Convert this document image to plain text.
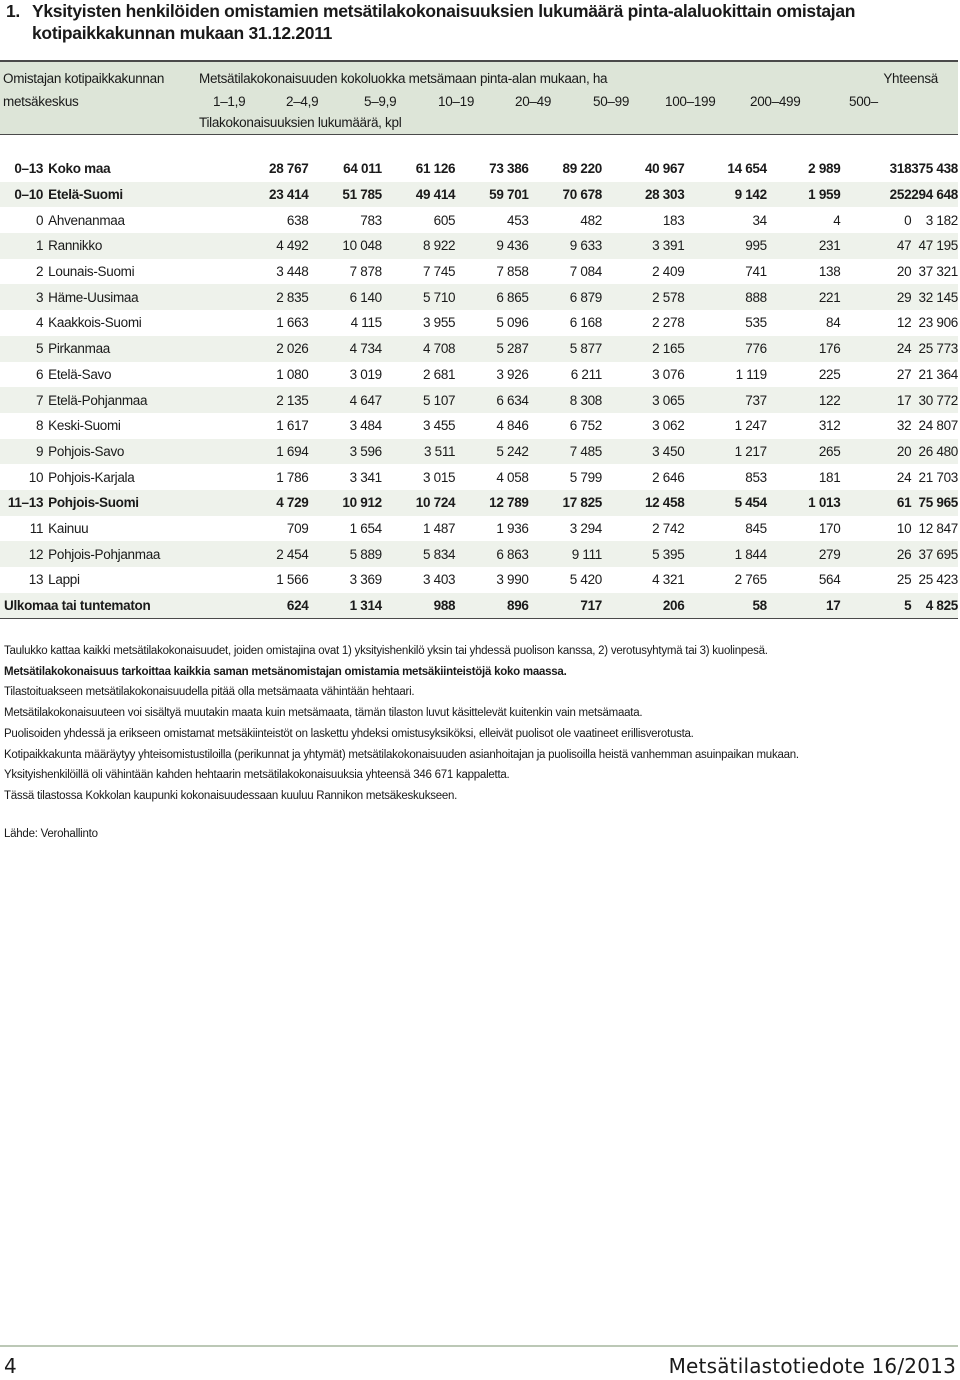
1. Yksityisten henkilöiden omistamien metsätilakokonaisuuksien lukumäärä pinta-alaluokittain omistajan
kotipaikkakunnan mukaan 31.12.2011
Omistajan kotipaikkakunnan
metsäkeskus
Metsätilakokonaisuuden kokoluokka metsämaan pinta-alan mukaan, ha	Yhteensä
Tilakokonaisuuksien lukumäärä, kpl
1–1,9	2–4,9	5–9,9	10–19	20–49	50–99	100–199	200–499	500–
0–13	Koko maa		28 767	64 011	61 126	73 386	89 220	40 967	14 654	2 989	318	375 438
0–10	Etelä-Suomi		23 414	51 785	49 414	59 701	70 678	28 303	9 142	1 959	252	294 648
0	Ahvenanmaa		638	783	605	453	482	183	34	4	0	3 182
1	Rannikko		4 492	10 048	8 922	9 436	9 633	3 391	995	231	47	47 195
2	Lounais-Suomi		3 448	7 878	7 745	7 858	7 084	2 409	741	138	20	37 321
3	Häme-Uusimaa		2 835	6 140	5 710	6 865	6 879	2 578	888	221	29	32 145
4	Kaakkois-Suomi		1 663	4 115	3 955	5 096	6 168	2 278	535	84	12	23 906
5	Pirkanmaa		2 026	4 734	4 708	5 287	5 877	2 165	776	176	24	25 773
6	Etelä-Savo		1 080	3 019	2 681	3 926	6 211	3 076	1 119	225	27	21 364
7	Etelä-Pohjanmaa		2 135	4 647	5 107	6 634	8 308	3 065	737	122	17	30 772
8	Keski-Suomi		1 617	3 484	3 455	4 846	6 752	3 062	1 247	312	32	24 807
9	Pohjois-Savo		1 694	3 596	3 511	5 242	7 485	3 450	1 217	265	20	26 480
10	Pohjois-Karjala		1 786	3 341	3 015	4 058	5 799	2 646	853	181	24	21 703
11–13	Pohjois-Suomi		4 729	10 912	10 724	12 789	17 825	12 458	5 454	1 013	61	75 965
11	Kainuu		709	1 654	1 487	1 936	3 294	2 742	845	170	10	12 847
12	Pohjois-Pohjanmaa		2 454	5 889	5 834	6 863	9 111	5 395	1 844	279	26	37 695
13	Lappi		1 566	3 369	3 403	3 990	5 420	4 321	2 765	564	25	25 423
Ulkomaa tai tuntematon			624	1 314	988	896	717	206	58	17	5	4 825

Taulukko kattaa kaikki metsätilakokonaisuudet, joiden omistajina ovat 1) yksityishenkilö yksin tai yhdessä puolison kanssa, 2) verotusyhtymä tai 3) kuolinpesä.

Metsätilakokonaisuus tarkoittaa kaikkia saman metsänomistajan omistamia metsäkiinteistöjä koko maassa.

Tilastoituakseen metsätilakokonaisuudella pitää olla metsämaata vähintään hehtaari.

Metsätilakokonaisuuteen voi sisältyä muutakin maata kuin metsämaata, tämän tilaston luvut käsittelevät kuitenkin vain metsämaata.

Puolisoiden yhdessä ja erikseen omistamat metsäkiinteistöt on laskettu yhdeksi omistusyksiköksi, elleivät puolisot ole vaatineet erillisverotusta.

Kotipaikkakunta määräytyy yhteisomistustiloilla (perikunnat ja yhtymät) metsätilakokonaisuuden asianhoitajan ja puolisoilla heistä vanhemman asuinpaikan mukaan.

Yksityishenkilöillä oli vähintään kahden hehtaarin metsätilakokonaisuuksia yhteensä 346 671 kappaletta.

Tässä tilastossa Kokkolan kaupunki kokonaisuudessaan kuuluu Rannikon metsäkeskukseen.

Lähde: Verohallinto
4	Metsätilastotiedote 16/2013
